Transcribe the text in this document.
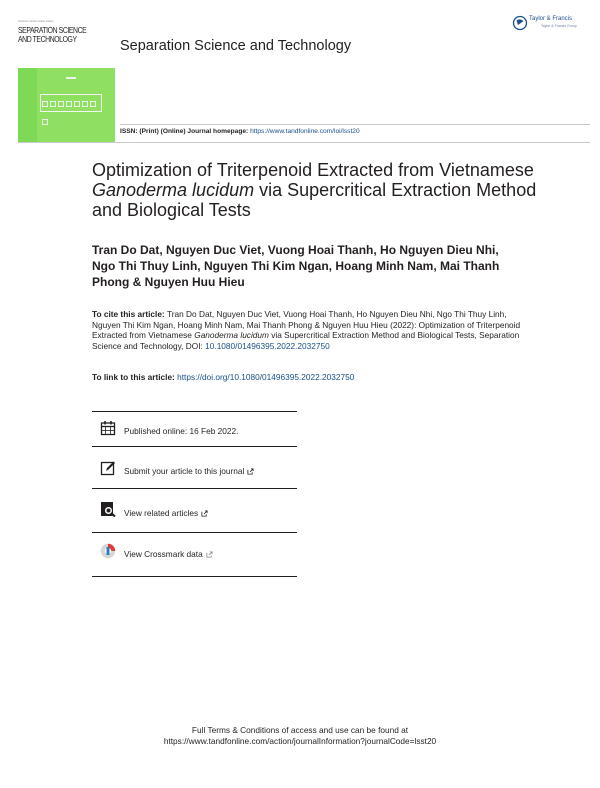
xxxxxxx xxxxx xxxxx xxxxx
SEPARATION SCIENCE
AND TECHNOLOGY	Separation Science and Technology
Taylor & Francis
Taylor & Francis Group
ISSN: (Print) (Online) Journal homepage: https://www.tandfonline.com/loi/lsst20
Optimization of Triterpenoid Extracted from Vietnamese Ganoderma lucidum via Supercritical Extraction Method and Biological Tests
Tran Do Dat, Nguyen Duc Viet, Vuong Hoai Thanh, Ho Nguyen Dieu Nhi, Ngo Thi Thuy Linh, Nguyen Thi Kim Ngan, Hoang Minh Nam, Mai Thanh Phong & Nguyen Huu Hieu
To cite this article: Tran Do Dat, Nguyen Duc Viet, Vuong Hoai Thanh, Ho Nguyen Dieu Nhi, Ngo Thi Thuy Linh, Nguyen Thi Kim Ngan, Hoang Minh Nam, Mai Thanh Phong & Nguyen Huu Hieu (2022): Optimization of Triterpenoid Extracted from Vietnamese Ganoderma lucidum via Supercritical Extraction Method and Biological Tests, Separation Science and Technology, DOI: 10.1080/01496395.2022.2032750
To link to this article: https://doi.org/10.1080/01496395.2022.2032750
Published online: 16 Feb 2022.
Submit your article to this journal
View related articles
View Crossmark data
Full Terms & Conditions of access and use can be found at
https://www.tandfonline.com/action/journalInformation?journalCode=lsst20
